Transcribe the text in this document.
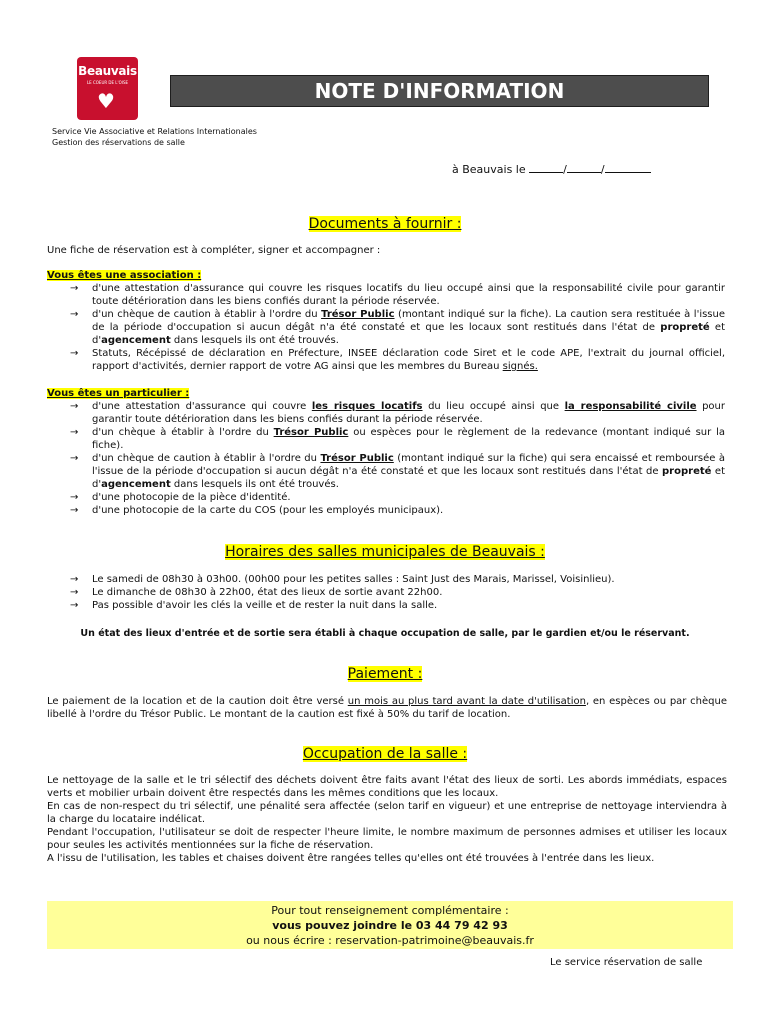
Beauvais
LE COEUR DE L'OISE
♥	NOTE D'INFORMATION
Service Vie Associative et Relations Internationales
Gestion des réservations de salle
à Beauvais le	/	/
Documents à fournir :
Une fiche de réservation est à compléter, signer et accompagner :
Vous êtes une association :
→	d'une attestation d'assurance qui couvre les risques locatifs du lieu occupé ainsi que la responsabilité civile pour garantir toute détérioration dans les biens confiés durant la période réservée.
→	d'un chèque de caution à établir à l'ordre du Trésor Public (montant indiqué sur la fiche). La caution sera restituée à l'issue de la période d'occupation si aucun dégât n'a été constaté et que les locaux sont restitués dans l'état de propreté et d'agencement dans lesquels ils ont été trouvés.
→	Statuts, Récépissé de déclaration en Préfecture, INSEE déclaration code Siret et le code APE, l'extrait du journal officiel, rapport d'activités, dernier rapport de votre AG ainsi que les membres du Bureau signés.
Vous êtes un particulier :
→	d'une attestation d'assurance qui couvre les risques locatifs du lieu occupé ainsi que la responsabilité civile pour garantir toute détérioration dans les biens confiés durant la période réservée.
→	d'un chèque à établir à l'ordre du Trésor Public ou espèces pour le règlement de la redevance (montant indiqué sur la fiche).
→	d'un chèque de caution à établir à l'ordre du Trésor Public (montant indiqué sur la fiche) qui sera encaissé et remboursée à l'issue de la période d'occupation si aucun dégât n'a été constaté et que les locaux sont restitués dans l'état de propreté et d'agencement dans lesquels ils ont été trouvés.
→	d'une photocopie de la pièce d'identité.
→	d'une photocopie de la carte du COS (pour les employés municipaux).
Horaires des salles municipales de Beauvais :
→	Le samedi de 08h30 à 03h00. (00h00 pour les petites salles : Saint Just des Marais, Marissel, Voisinlieu).
→	Le dimanche de 08h30 à 22h00, état des lieux de sortie avant 22h00.
→	Pas possible d'avoir les clés la veille et de rester la nuit dans la salle.
Un état des lieux d'entrée et de sortie sera établi à chaque occupation de salle, par le gardien et/ou le réservant.
Paiement :
Le paiement de la location et de la caution doit être versé un mois au plus tard avant la date d'utilisation, en espèces ou par chèque libellé à l'ordre du Trésor Public. Le montant de la caution est fixé à 50% du tarif de location.
Occupation de la salle :
Le nettoyage de la salle et le tri sélectif des déchets doivent être faits avant l'état des lieux de sorti. Les abords immédiats, espaces verts et mobilier urbain doivent être respectés dans les mêmes conditions que les locaux.
En cas de non-respect du tri sélectif, une pénalité sera affectée (selon tarif en vigueur) et une entreprise de nettoyage interviendra à la charge du locataire indélicat.
Pendant l'occupation, l'utilisateur se doit de respecter l'heure limite, le nombre maximum de personnes admises et utiliser les locaux pour seules les activités mentionnées sur la fiche de réservation.
A l'issu de l'utilisation, les tables et chaises doivent être rangées telles qu'elles ont été trouvées à l'entrée dans les lieux.
Pour tout renseignement complémentaire :
vous pouvez joindre le 03 44 79 42 93
ou nous écrire : reservation-patrimoine@beauvais.fr
Le service réservation de salle
